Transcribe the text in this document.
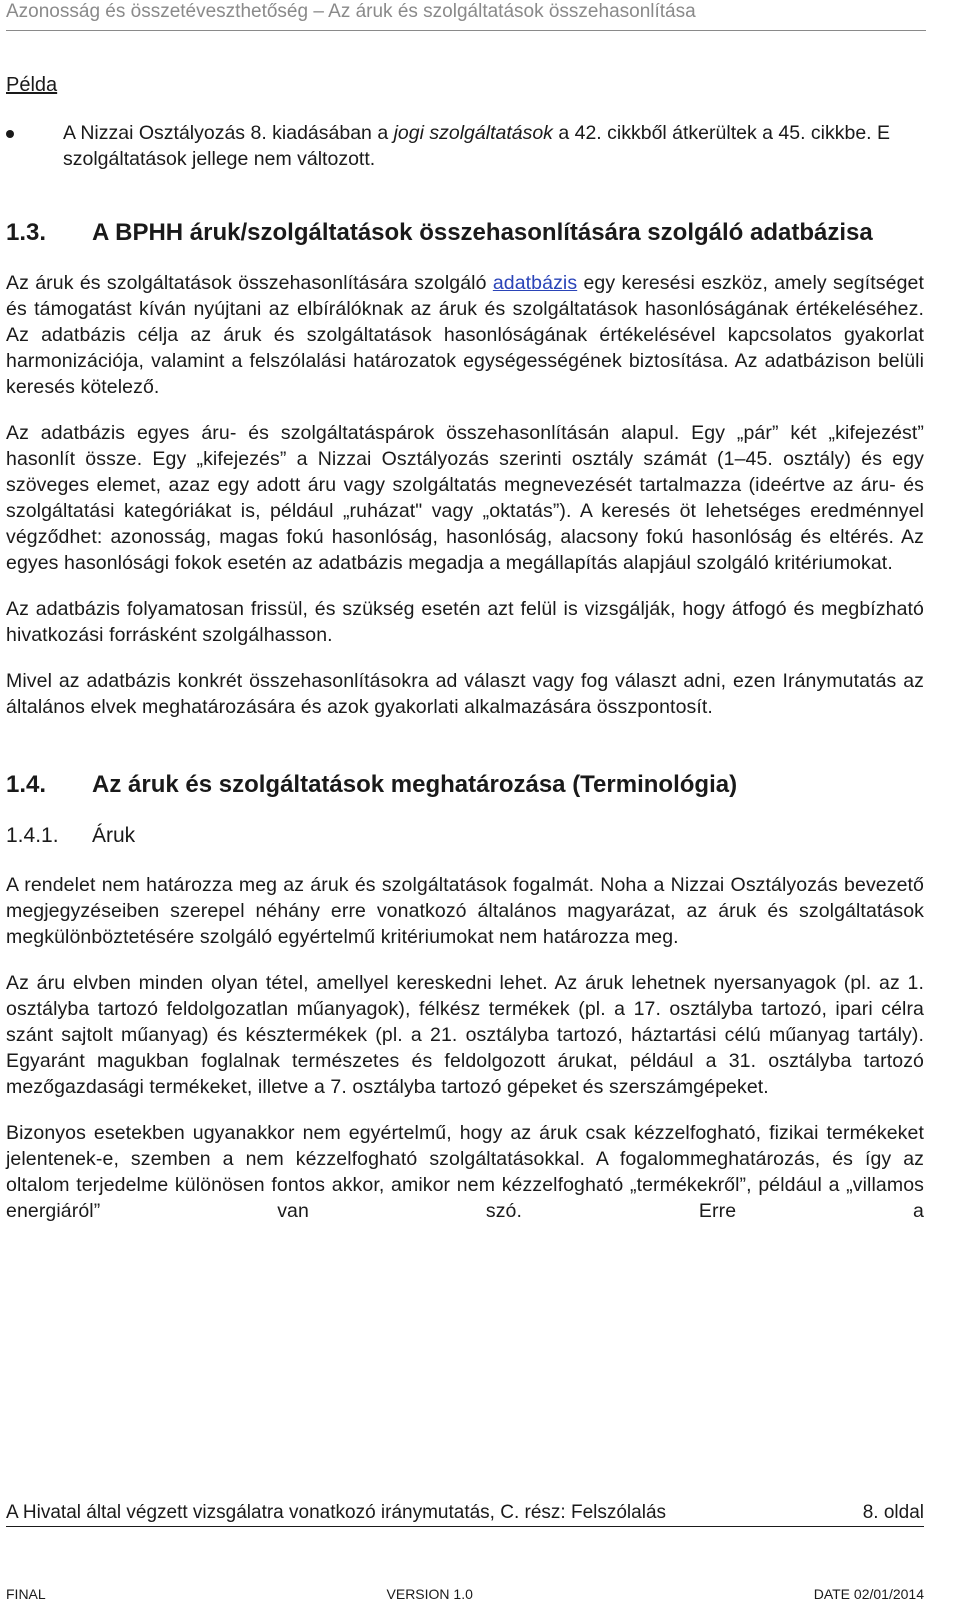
Azonosság és összetéveszthetőség – Az áruk és szolgáltatások összehasonlítása

Példa

A Nizzai Osztályozás 8. kiadásában a jogi szolgáltatások a 42. cikkből átkerültek a 45. cikkbe. E szolgáltatások jellege nem változott.
1.3.	A BPHH áruk/szolgáltatások összehasonlítására szolgáló adatbázisa

Az áruk és szolgáltatások összehasonlítására szolgáló adatbázis egy keresési eszköz, amely segítséget és támogatást kíván nyújtani az elbírálóknak az áruk és szolgáltatások hasonlóságának értékeléséhez. Az adatbázis célja az áruk és szolgáltatások hasonlóságának értékelésével kapcsolatos gyakorlat harmonizációja, valamint a felszólalási határozatok egységességének biztosítása. Az adatbázison belüli keresés kötelező.

Az adatbázis egyes áru- és szolgáltatáspárok összehasonlításán alapul. Egy „pár” két „kifejezést” hasonlít össze. Egy „kifejezés” a Nizzai Osztályozás szerinti osztály számát (1–45. osztály) és egy szöveges elemet, azaz egy adott áru vagy szolgáltatás megnevezését tartalmazza (ideértve az áru- és szolgáltatási kategóriákat is, például „ruházat" vagy „oktatás”). A keresés öt lehetséges eredménnyel végződhet: azonosság, magas fokú hasonlóság, hasonlóság, alacsony fokú hasonlóság és eltérés. Az egyes hasonlósági fokok esetén az adatbázis megadja a megállapítás alapjául szolgáló kritériumokat.

Az adatbázis folyamatosan frissül, és szükség esetén azt felül is vizsgálják, hogy átfogó és megbízható hivatkozási forrásként szolgálhasson.

Mivel az adatbázis konkrét összehasonlításokra ad választ vagy fog választ adni, ezen Iránymutatás az általános elvek meghatározására és azok gyakorlati alkalmazására összpontosít.

1.4.	Az áruk és szolgáltatások meghatározása (Terminológia)
1.4.1.	Áruk

A rendelet nem határozza meg az áruk és szolgáltatások fogalmát. Noha a Nizzai Osztályozás bevezető megjegyzéseiben szerepel néhány erre vonatkozó általános magyarázat, az áruk és szolgáltatások megkülönböztetésére szolgáló egyértelmű kritériumokat nem határozza meg.

Az áru elvben minden olyan tétel, amellyel kereskedni lehet. Az áruk lehetnek nyersanyagok (pl. az 1. osztályba tartozó feldolgozatlan műanyagok), félkész termékek (pl. a 17. osztályba tartozó, ipari célra szánt sajtolt műanyag) és késztermékek (pl. a 21. osztályba tartozó, háztartási célú műanyag tartály). Egyaránt magukban foglalnak természetes és feldolgozott árukat, például a 31. osztályba tartozó mezőgazdasági termékeket, illetve a 7. osztályba tartozó gépeket és szerszámgépeket.

Bizonyos esetekben ugyanakkor nem egyértelmű, hogy az áruk csak kézzelfogható, fizikai termékeket jelentenek-e, szemben a nem kézzelfogható szolgáltatásokkal. A fogalommeghatározás, és így az oltalom terjedelme különösen fontos akkor, amikor nem kézzelfogható „termékekről”, például a „villamos energiáról” van szó. Erre a

A Hivatal által végzett vizsgálatra vonatkozó iránymutatás, C. rész: Felszólalás	8. oldal
FINAL	VERSION 1.0	DATE 02/01/2014
